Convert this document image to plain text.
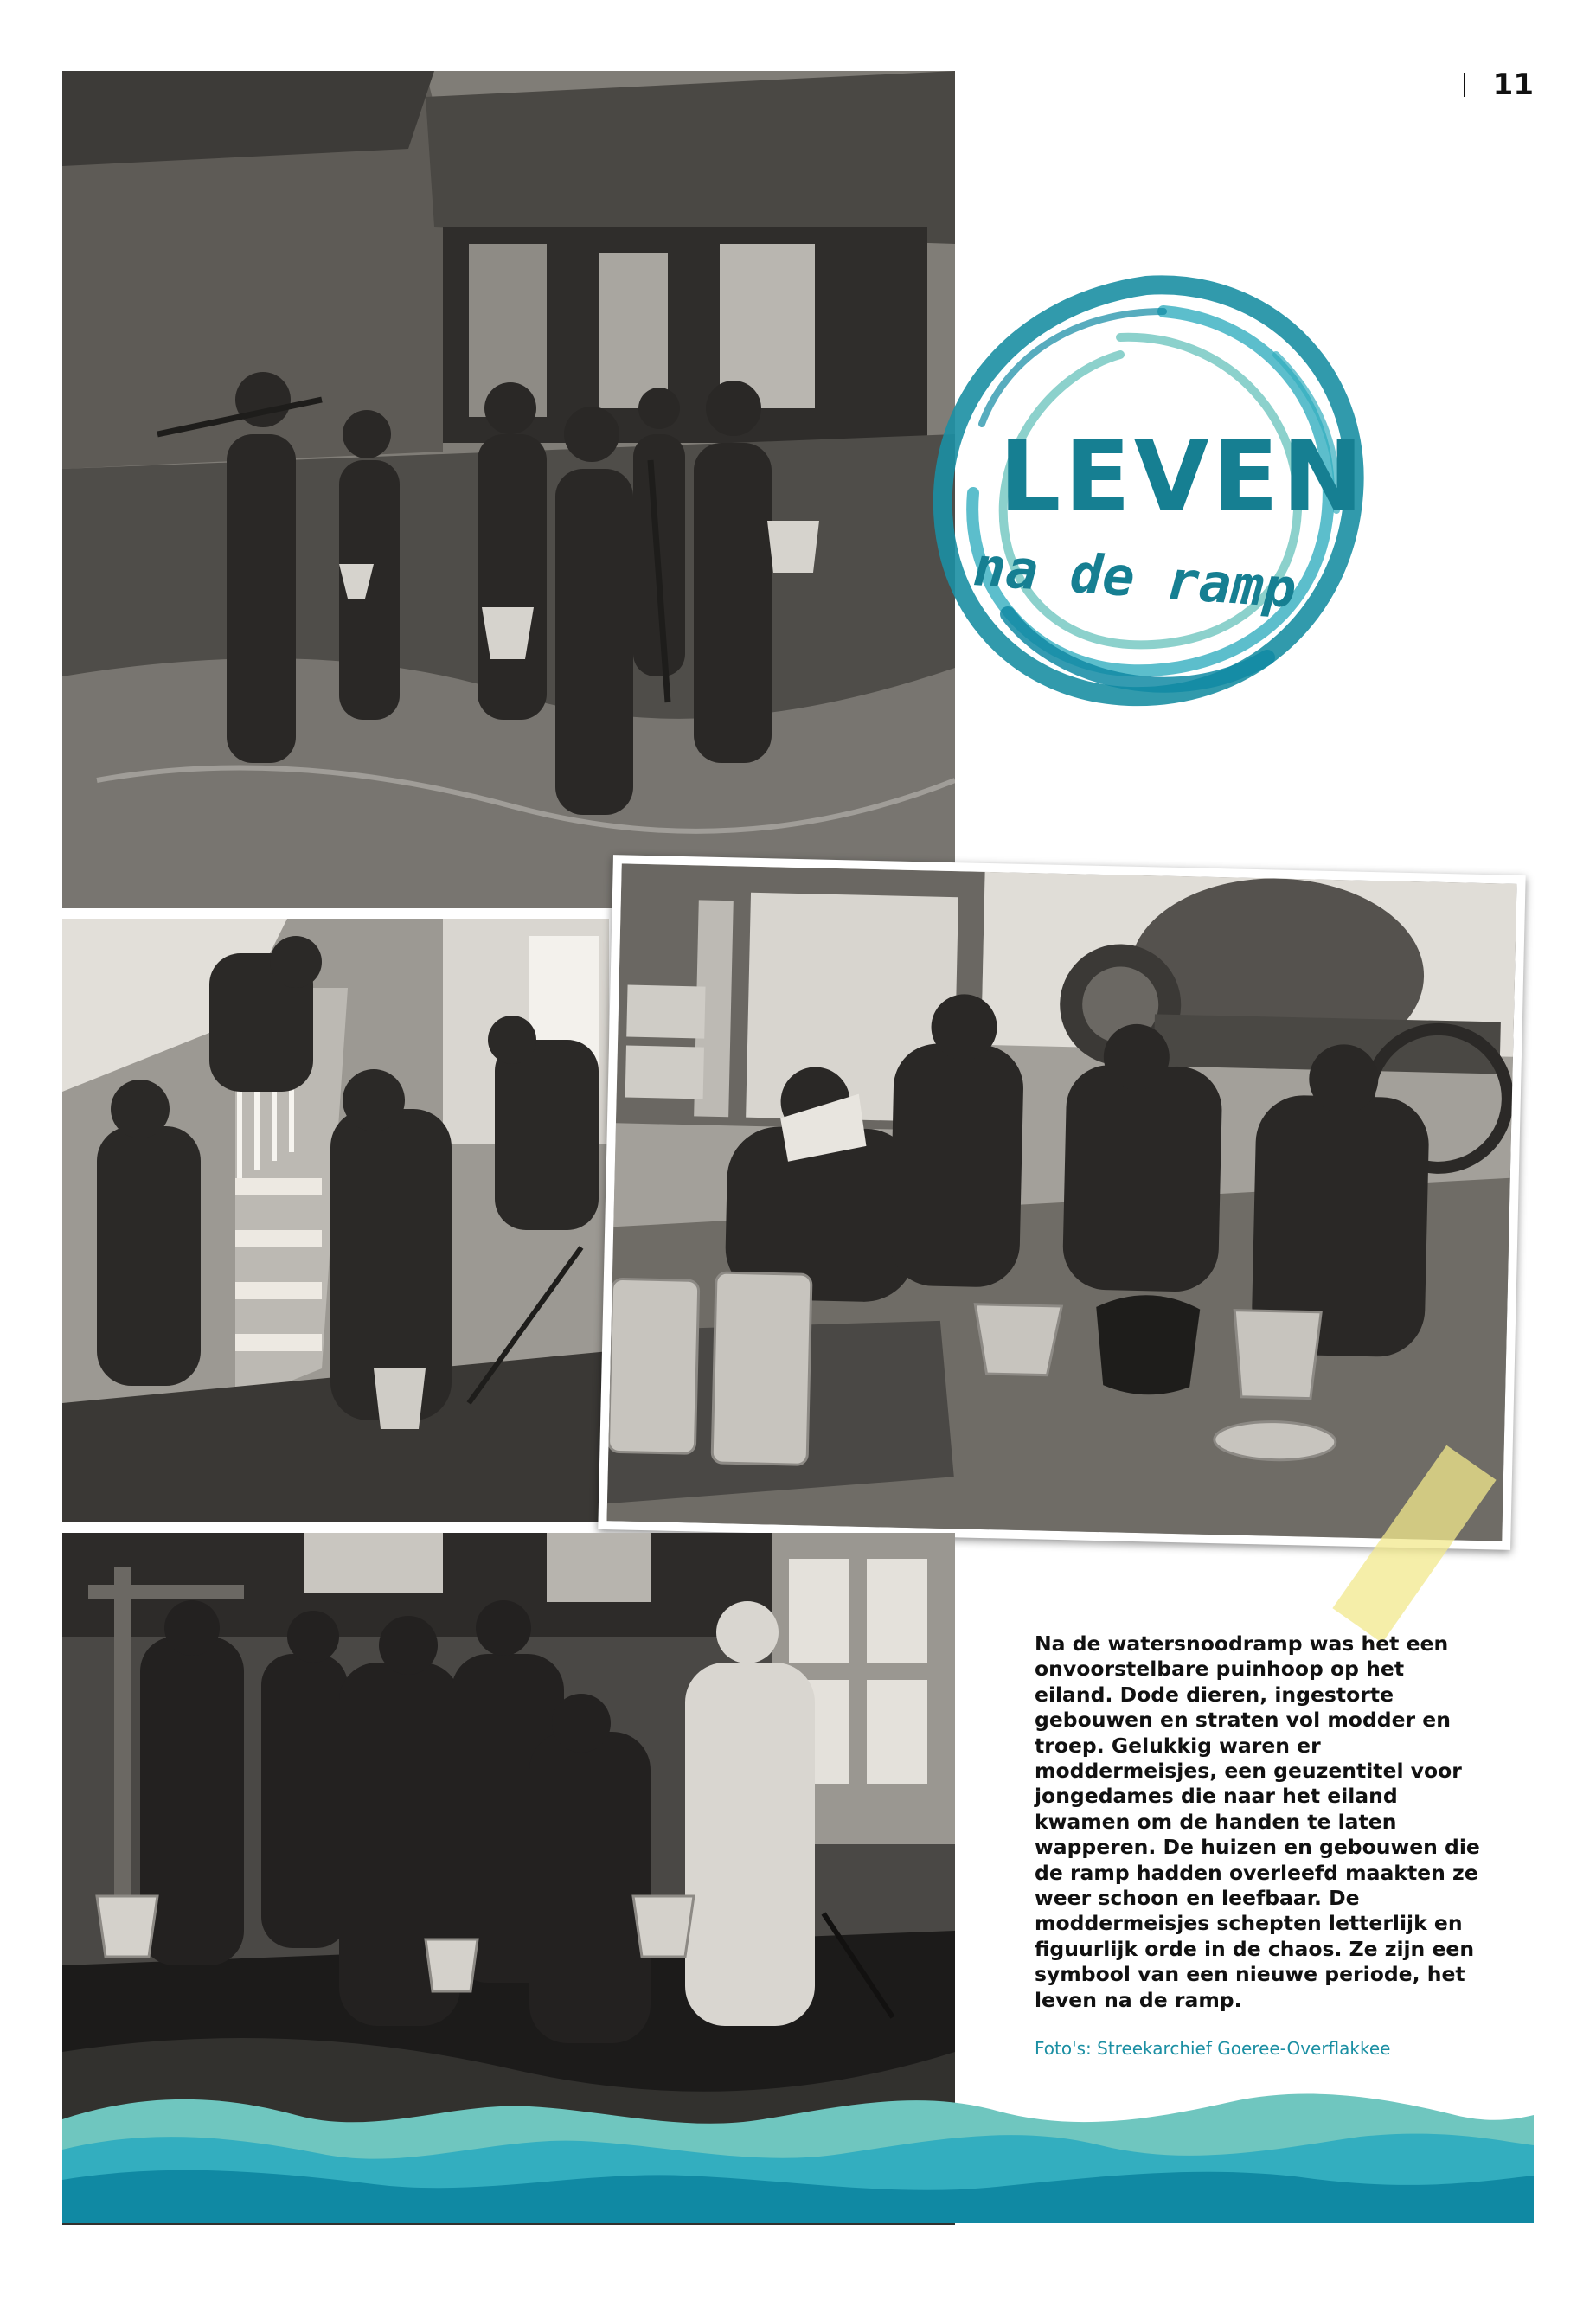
11
LEVEN
na de ramp

Na de watersnoodramp was het een onvoorstelbare puinhoop op het eiland. Dode dieren, ingestorte gebouwen en straten vol modder en troep. Gelukkig waren er moddermeisjes, een geuzentitel voor jongedames die naar het eiland kwamen om de handen te laten wapperen. De huizen en gebouwen die de ramp hadden overleefd maakten ze weer schoon en leefbaar. De moddermeisjes schepten letterlijk en figuurlijk orde in de chaos. Ze zijn een symbool van een nieuwe periode, het leven na de ramp.

Foto's: Streekarchief Goeree-Overflakkee
